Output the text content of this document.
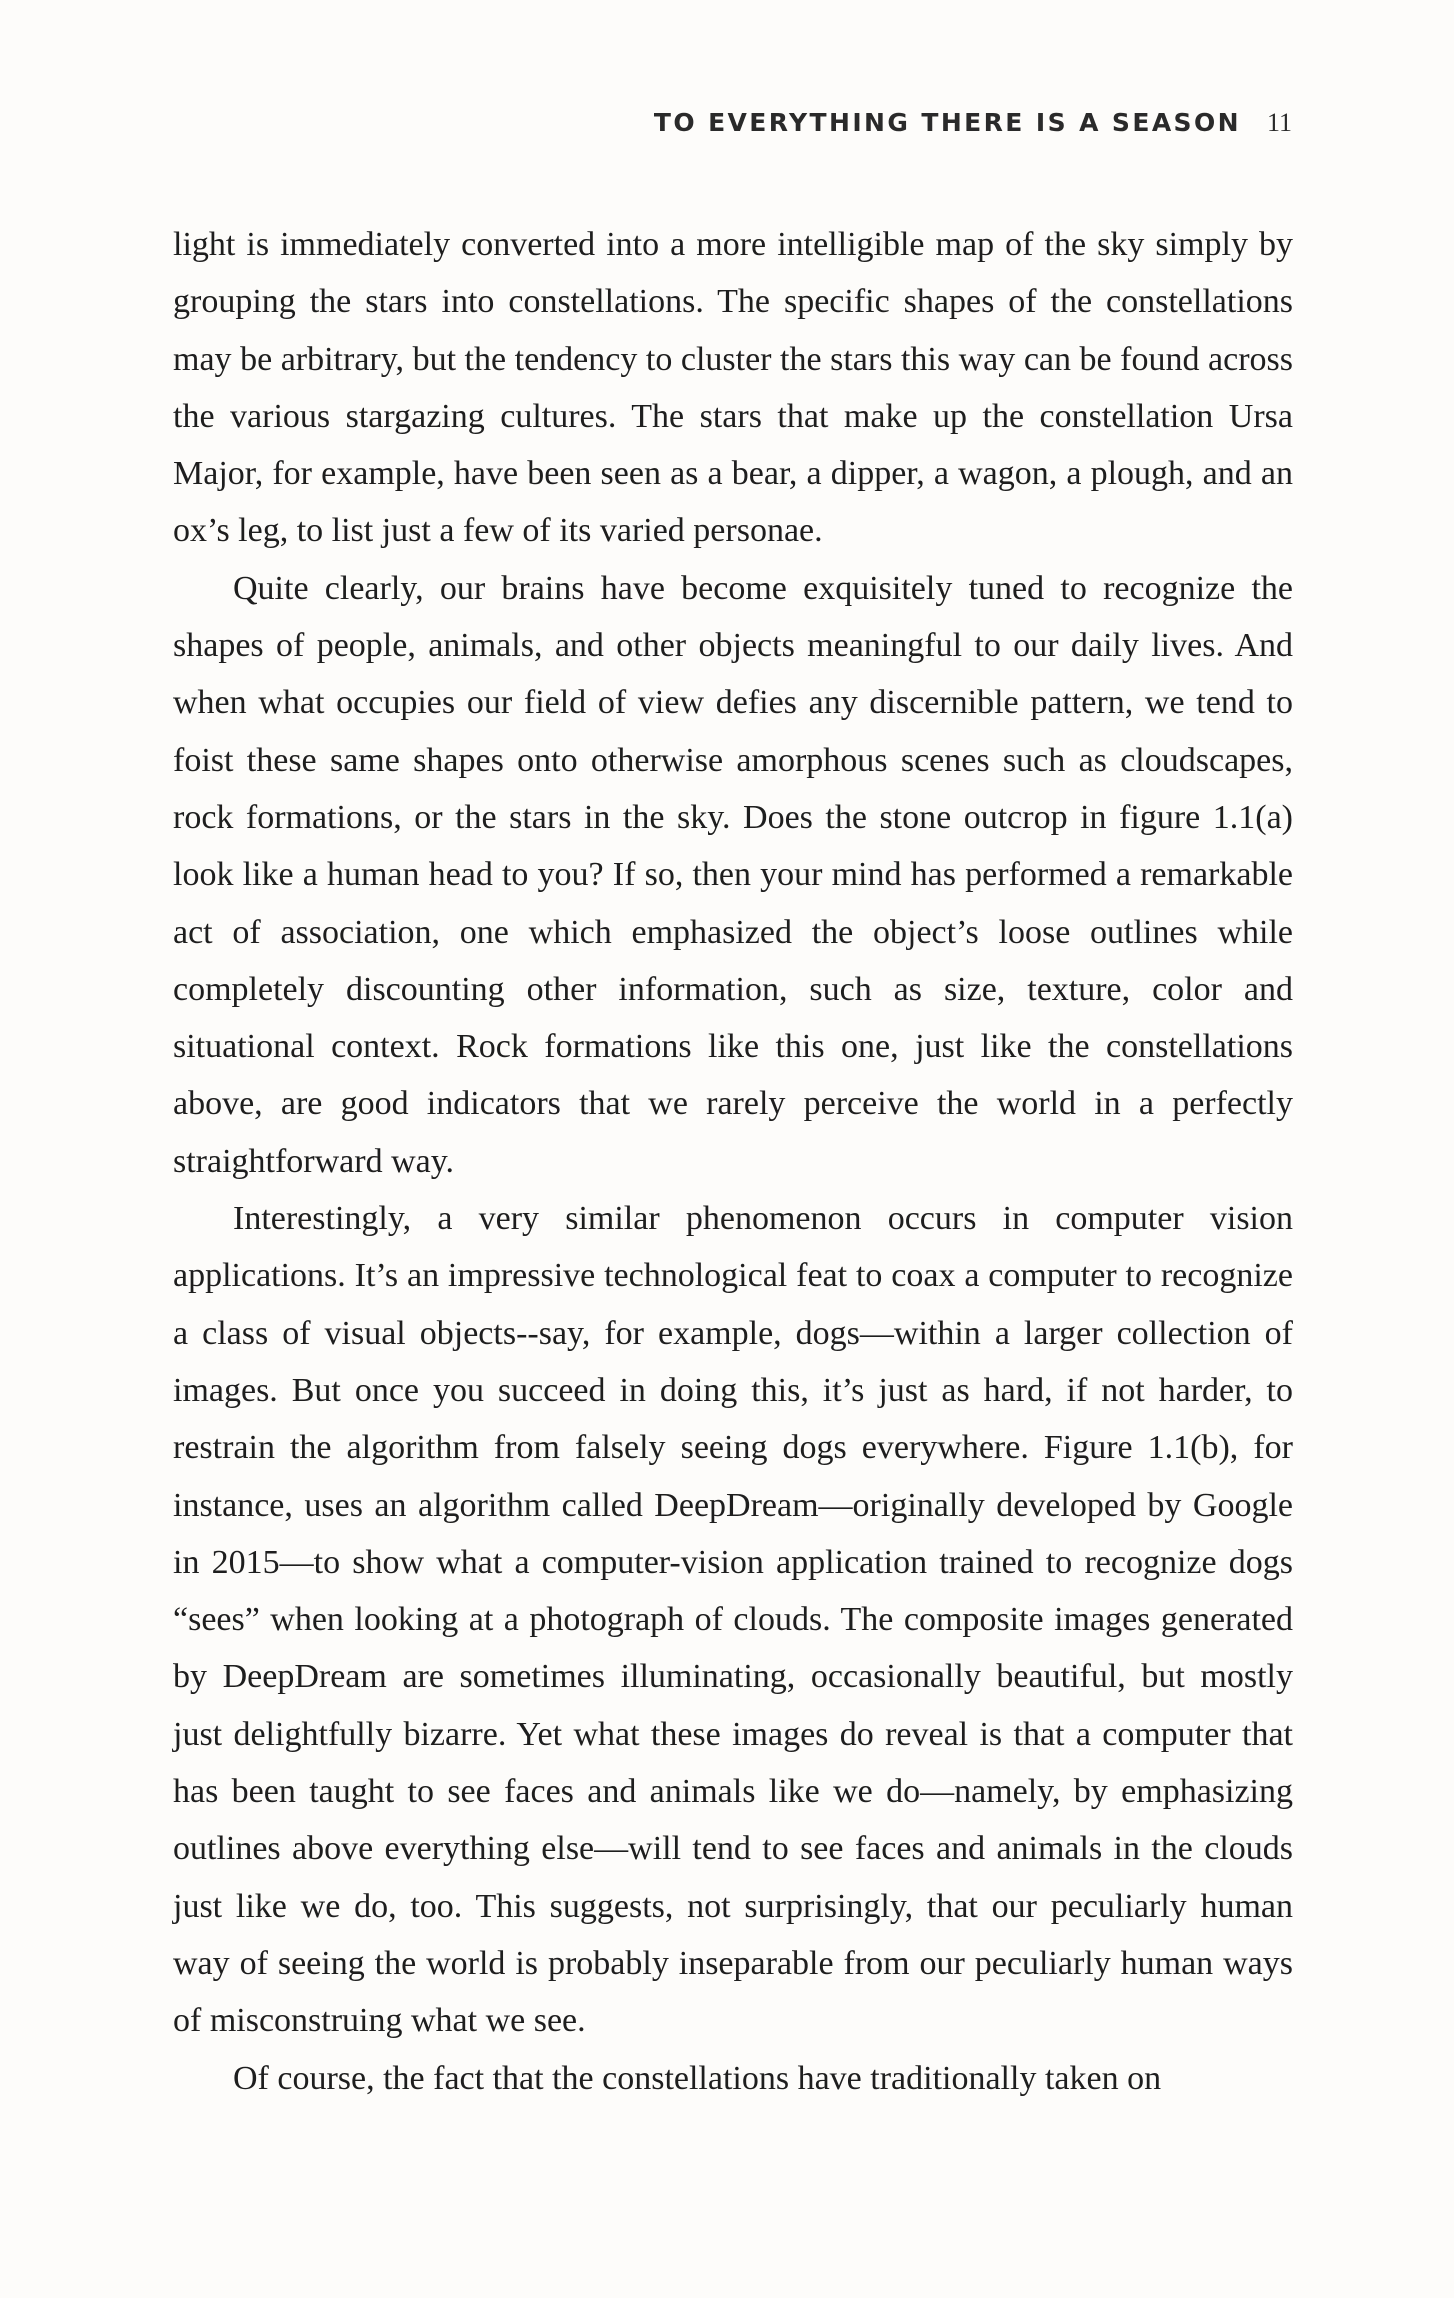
TO EVERYTHING THERE IS A SEASON 11

light is immediately converted into a more intelligible map of the sky simply by grouping the stars into constellations. The specific shapes of the constellations may be arbitrary, but the tendency to cluster the stars this way can be found across the various stargazing cultures. The stars that make up the constellation Ursa Major, for example, have been seen as a bear, a dipper, a wagon, a plough, and an ox’s leg, to list just a few of its varied personae.

Quite clearly, our brains have become exquisitely tuned to recognize the shapes of people, animals, and other objects meaningful to our daily lives. And when what occupies our field of view defies any discernible pattern, we tend to foist these same shapes onto otherwise amorphous scenes such as cloudscapes, rock formations, or the stars in the sky. Does the stone outcrop in figure 1.1(a) look like a human head to you? If so, then your mind has performed a remarkable act of association, one which emphasized the object’s loose outlines while completely discounting other information, such as size, texture, color and situational context. Rock formations like this one, just like the constellations above, are good indicators that we rarely perceive the world in a perfectly straightforward way.

Interestingly, a very similar phenomenon occurs in computer vision applications. It’s an impressive technological feat to coax a computer to recognize a class of visual objects--say, for example, dogs—within a larger collection of images. But once you succeed in doing this, it’s just as hard, if not harder, to restrain the algorithm from falsely seeing dogs everywhere. Figure 1.1(b), for instance, uses an algorithm called DeepDream—originally developed by Google in 2015—to show what a computer-vision application trained to recognize dogs “sees” when looking at a photograph of clouds. The composite images generated by DeepDream are sometimes illuminating, occasionally beautiful, but mostly just delightfully bizarre. Yet what these images do reveal is that a computer that has been taught to see faces and animals like we do—namely, by emphasizing outlines above everything else—will tend to see faces and animals in the clouds just like we do, too. This suggests, not surprisingly, that our peculiarly human way of seeing the world is probably inseparable from our peculiarly human ways of misconstruing what we see.

Of course, the fact that the constellations have traditionally taken on
